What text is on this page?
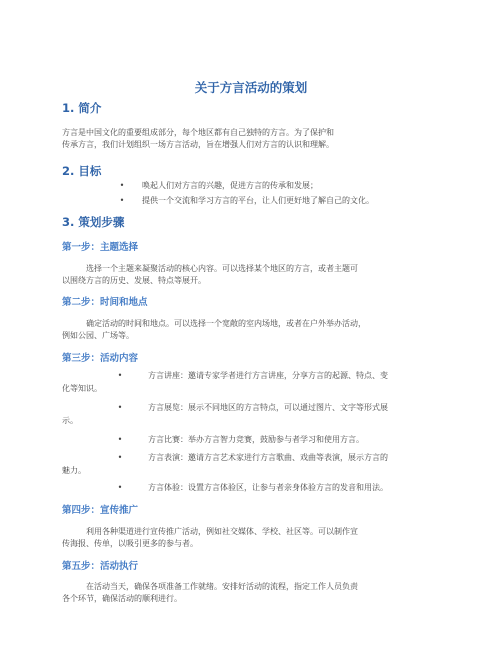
关于方言活动的策划
1. 简介
方言是中国文化的重要组成部分，每个地区都有自己独特的方言。为了保护和
传承方言，我们计划组织一场方言活动，旨在增强人们对方言的认识和理解。
2. 目标
•	唤起人们对方言的兴趣，促进方言的传承和发展；
•	提供一个交流和学习方言的平台，让人们更好地了解自己的文化。
3. 策划步骤
第一步：主题选择
选择一个主题来凝聚活动的核心内容。可以选择某个地区的方言，或者主题可
以围绕方言的历史、发展、特点等展开。
第二步：时间和地点
确定活动的时间和地点。可以选择一个宽敞的室内场地，或者在户外举办活动，
例如公园、广场等。
第三步：活动内容
•	方言讲座：邀请专家学者进行方言讲座，分享方言的起源、特点、变
化等知识。
•	方言展览：展示不同地区的方言特点，可以通过图片、文字等形式展
示。
•	方言比赛：举办方言智力竞赛，鼓励参与者学习和使用方言。
•	方言表演：邀请方言艺术家进行方言歌曲、戏曲等表演，展示方言的
魅力。
•	方言体验：设置方言体验区，让参与者亲身体验方言的发音和用法。
第四步：宣传推广
利用各种渠道进行宣传推广活动，例如社交媒体、学校、社区等。可以制作宣
传海报、传单，以吸引更多的参与者。
第五步：活动执行
在活动当天，确保各项准备工作就绪。安排好活动的流程，指定工作人员负责
各个环节，确保活动的顺利进行。
